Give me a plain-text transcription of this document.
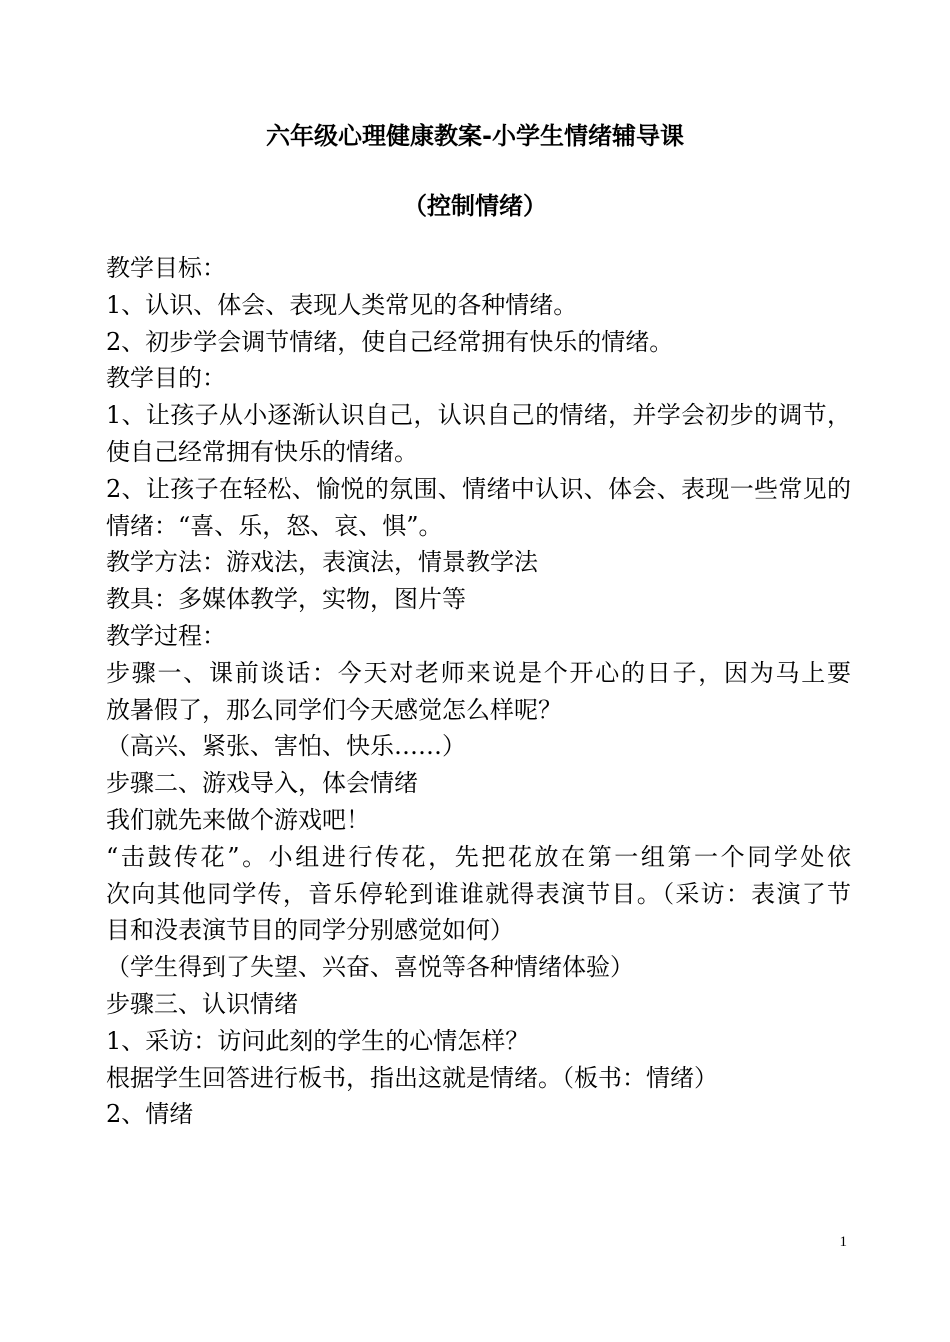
六年级心理健康教案-小学生情绪辅导课
（控制情绪）

教学目标：

1、认识、体会、表现人类常见的各种情绪。

2、初步学会调节情绪，使自己经常拥有快乐的情绪。

教学目的：

1、让孩子从小逐渐认识自己，认识自己的情绪，并学会初步的调节，

使自己经常拥有快乐的情绪。

2、让孩子在轻松、愉悦的氛围、情绪中认识、体会、表现一些常见的

情绪：“喜、乐，怒、哀、惧”。

教学方法：游戏法，表演法，情景教学法

教具：多媒体教学，实物，图片等

教学过程：

步骤一、课前谈话：今天对老师来说是个开心的日子，因为马上要

放暑假了，那么同学们今天感觉怎么样呢？

（高兴、紧张、害怕、快乐……）

步骤二、游戏导入，体会情绪

我们就先来做个游戏吧！

“击鼓传花”。小组进行传花，先把花放在第一组第一个同学处依

次向其他同学传，音乐停轮到谁谁就得表演节目。（采访：表演了节

目和没表演节目的同学分别感觉如何）

（学生得到了失望、兴奋、喜悦等各种情绪体验）

步骤三、认识情绪

1、采访：访问此刻的学生的心情怎样？

根据学生回答进行板书，指出这就是情绪。（板书：情绪）

2、情绪

1
